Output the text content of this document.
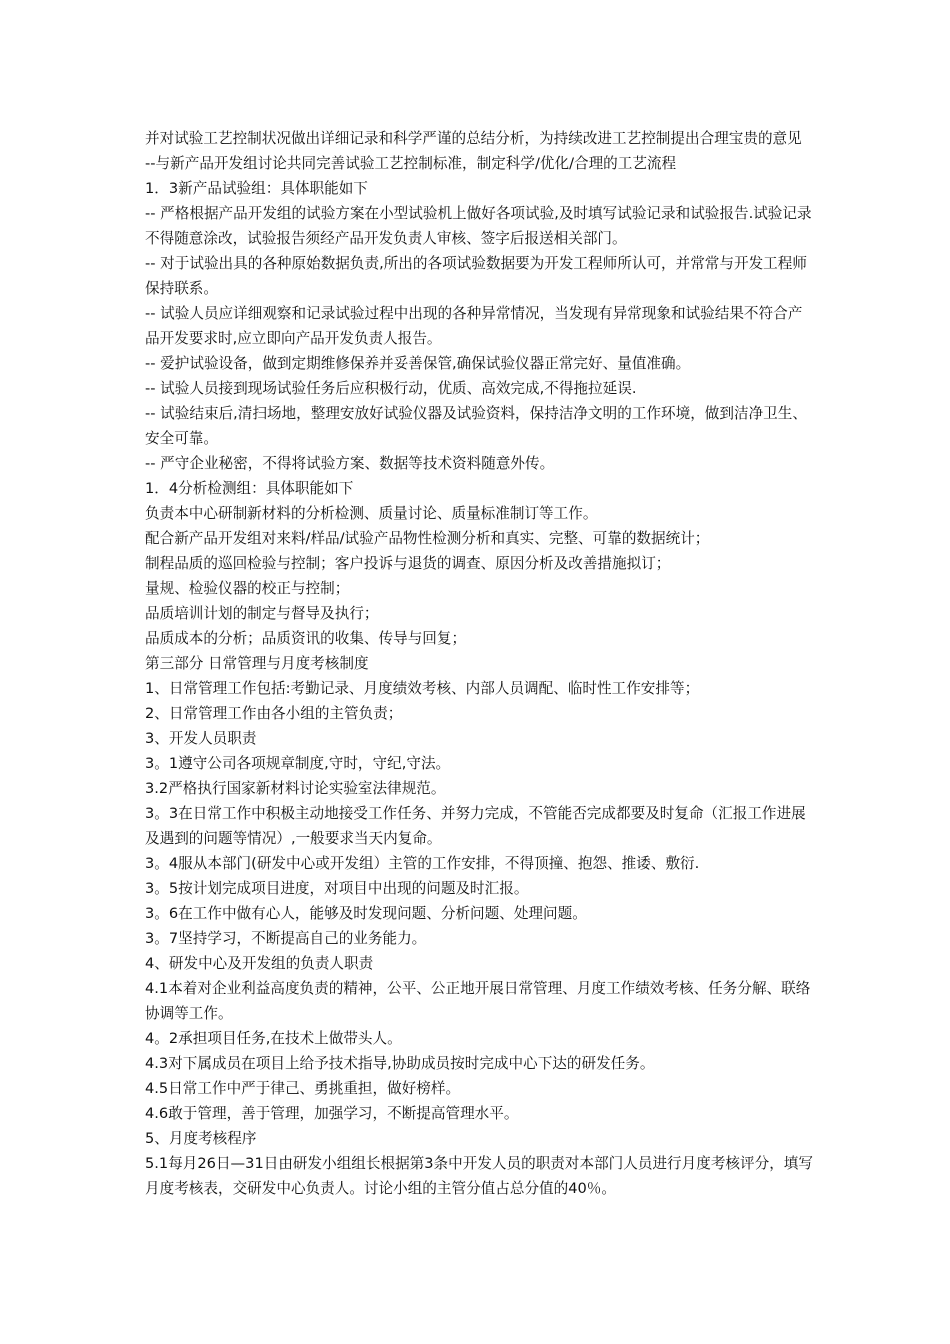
并对试验工艺控制状况做出详细记录和科学严谨的总结分析，为持续改进工艺控制提出合理宝贵的意见

--与新产品开发组讨论共同完善试验工艺控制标准，制定科学/优化/合理的工艺流程

1．3新产品试验组：具体职能如下

-- 严格根据产品开发组的试验方案在小型试验机上做好各项试验,及时填写试验记录和试验报告.试验记录不得随意涂改，试验报告须经产品开发负责人审核、签字后报送相关部门。

-- 对于试验出具的各种原始数据负责,所出的各项试验数据要为开发工程师所认可，并常常与开发工程师保持联系。

-- 试验人员应详细观察和记录试验过程中出现的各种异常情况，当发现有异常现象和试验结果不符合产品开发要求时,应立即向产品开发负责人报告。

-- 爱护试验设备，做到定期维修保养并妥善保管,确保试验仪器正常完好、量值准确。

-- 试验人员接到现场试验任务后应积极行动，优质、高效完成,不得拖拉延误.

-- 试验结束后,清扫场地，整理安放好试验仪器及试验资料，保持洁净文明的工作环境，做到洁净卫生、安全可靠。

-- 严守企业秘密，不得将试验方案、数据等技术资料随意外传。

1．4分析检测组：具体职能如下

负责本中心研制新材料的分析检测、质量讨论、质量标准制订等工作。

配合新产品开发组对来料/样品/试验产品物性检测分析和真实、完整、可靠的数据统计；

制程品质的巡回检验与控制；客户投诉与退货的调查、原因分析及改善措施拟订；

量规、检验仪器的校正与控制；

品质培训计划的制定与督导及执行；

品质成本的分析；品质资讯的收集、传导与回复；

第三部分 日常管理与月度考核制度

1、日常管理工作包括:考勤记录、月度绩效考核、内部人员调配、临时性工作安排等；

2、日常管理工作由各小组的主管负责；

3、开发人员职责

3。1遵守公司各项规章制度,守时，守纪,守法。

3.2严格执行国家新材料讨论实验室法律规范。

3。3在日常工作中积极主动地接受工作任务、并努力完成，不管能否完成都要及时复命（汇报工作进展及遇到的问题等情况）,一般要求当天内复命。

3。4服从本部门(研发中心或开发组）主管的工作安排，不得顶撞、抱怨、推诿、敷衍.

3。5按计划完成项目进度，对项目中出现的问题及时汇报。

3。6在工作中做有心人，能够及时发现问题、分析问题、处理问题。

3。7坚持学习，不断提高自己的业务能力。

4、研发中心及开发组的负责人职责

4.1本着对企业利益高度负责的精神，公平、公正地开展日常管理、月度工作绩效考核、任务分解、联络协调等工作。

4。2承担项目任务,在技术上做带头人。

4.3对下属成员在项目上给予技术指导,协助成员按时完成中心下达的研发任务。

4.5日常工作中严于律己、勇挑重担，做好榜样。

4.6敢于管理，善于管理，加强学习，不断提高管理水平。

5、月度考核程序

5.1每月26日—31日由研发小组组长根据第3条中开发人员的职责对本部门人员进行月度考核评分，填写月度考核表，交研发中心负责人。讨论小组的主管分值占总分值的40％。
